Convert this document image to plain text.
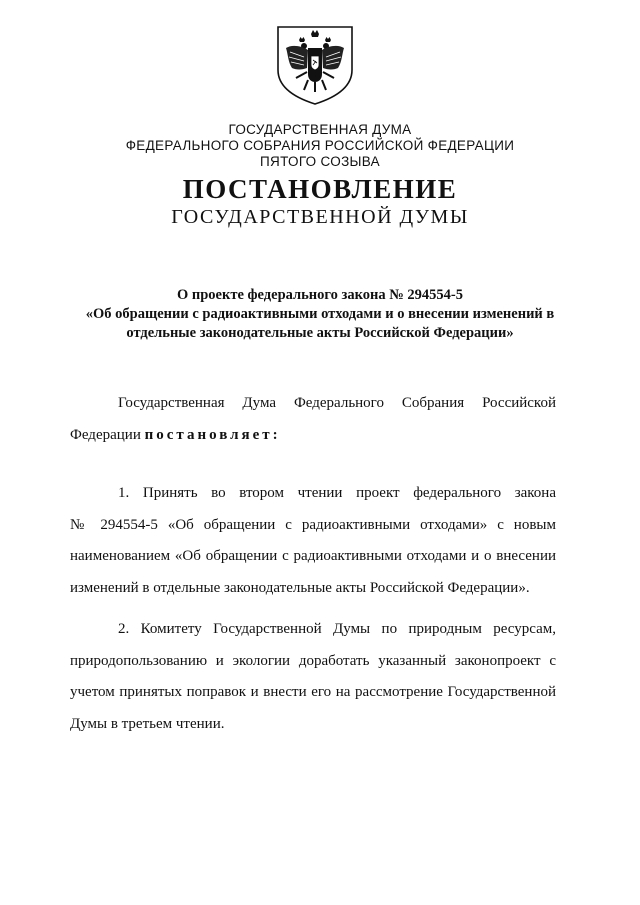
ГОСУДАРСТВЕННАЯ ДУМА
ФЕДЕРАЛЬНОГО СОБРАНИЯ РОССИЙСКОЙ ФЕДЕРАЦИИ
ПЯТОГО СОЗЫВА
ПОСТАНОВЛЕНИЕ
ГОСУДАРСТВЕННОЙ ДУМЫ
О проекте федерального закона № 294554-5
«Об обращении с радиоактивными отходами и о внесении изменений в
отдельные законодательные акты Российской Федерации»
Государственная Дума Федерального Собрания Российской
Федерации постановляет:
1. Принять во втором чтении проект федерального закона
№ 294554-5 «Об обращении с радиоактивными отходами» с новым
наименованием «Об обращении с радиоактивными отходами и о внесении
изменений в отдельные законодательные акты Российской Федерации».
2. Комитету Государственной Думы по природным ресурсам,
природопользованию и экологии доработать указанный законопроект с
учетом принятых поправок и внести его на рассмотрение Государственной
Думы в третьем чтении.
